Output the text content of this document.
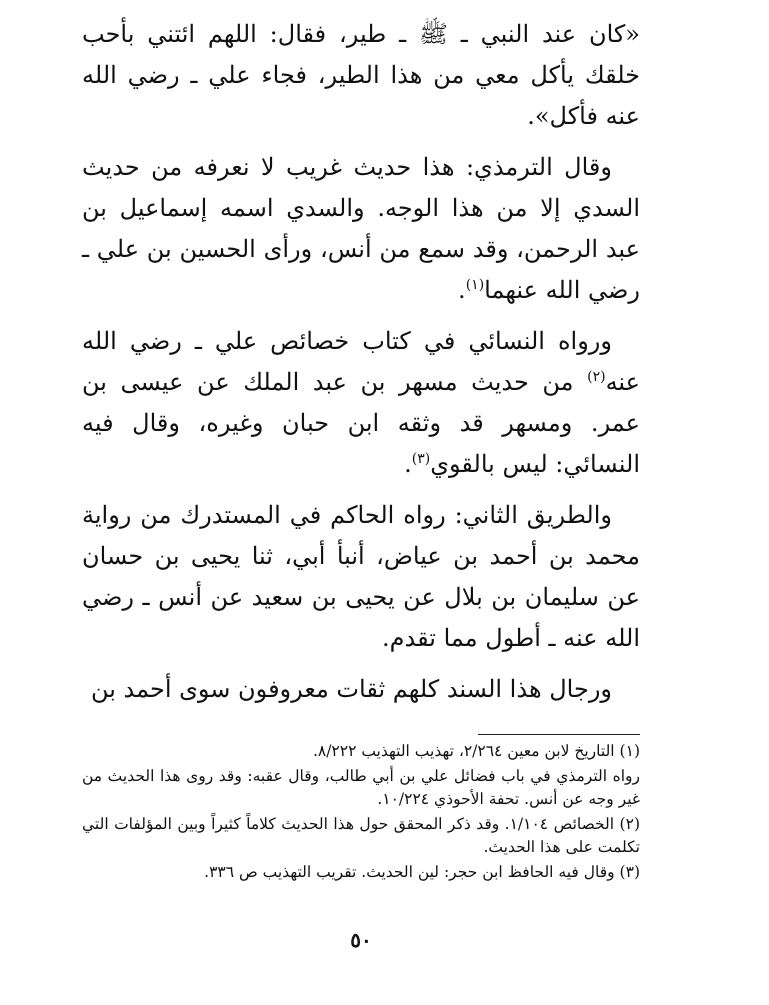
«كان عند النبي ـ ﷺ ـ طير، فقال: اللهم ائتني بأحب خلقك يأكل معي من هذا الطير، فجاء علي ـ رضي الله عنه فأكل».

وقال الترمذي: هذا حديث غريب لا نعرفه من حديث السدي إلا من هذا الوجه. والسدي اسمه إسماعيل بن عبد الرحمن، وقد سمع من أنس، ورأى الحسين بن علي ـ رضي الله عنهما$^{(١)}$.

ورواه النسائي في كتاب خصائص علي ـ رضي الله عنه$^{(٢)}$ من حديث مسهر بن عبد الملك عن عيسى بن عمر. ومسهر قد وثقه ابن حبان وغيره، وقال فيه النسائي: ليس بالقوي$^{(٣)}$.

والطريق الثاني: رواه الحاكم في المستدرك من رواية محمد بن أحمد بن عياض، أنبأ أبي، ثنا يحيى بن حسان عن سليمان بن بلال عن يحيى بن سعيد عن أنس ـ رضي الله عنه ـ أطول مما تقدم.

ورجال هذا السند كلهم ثقات معروفون سوى أحمد بن

(١) التاريخ لابن معين ٢/٢٦٤، تهذيب التهذيب ٨/٢٢٢.

رواه الترمذي في باب فضائل علي بن أبي طالب، وقال عقبه: وقد روى هذا الحديث من غير وجه عن أنس. تحفة الأحوذي ١٠/٢٢٤.

(٢) الخصائص ١/١٠٤. وقد ذكر المحقق حول هذا الحديث كلاماً كثيراً وبين المؤلفات التي تكلمت على هذا الحديث.

(٣) وقال فيه الحافظ ابن حجر: لين الحديث. تقريب التهذيب ص ٣٣٦.

٥٠
